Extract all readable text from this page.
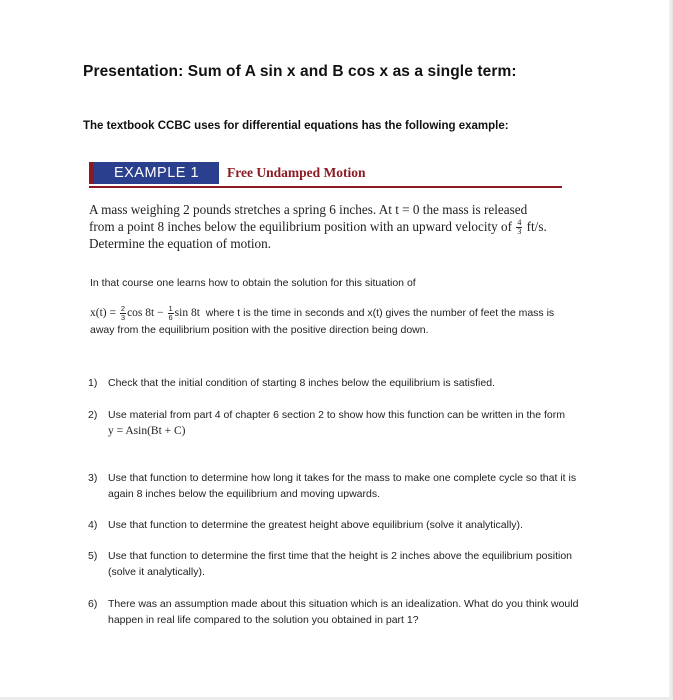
Presentation: Sum of A sin x and B cos x as a single term:
The textbook CCBC uses for differential equations has the following example:
EXAMPLE 1	Free Undamped Motion
A mass weighing 2 pounds stretches a spring 6 inches. At t = 0 the mass is released
from a point 8 inches below the equilibrium position with an upward velocity of $\frac{4}{3} ft/s$.
Determine the equation of motion.
In that course one learns how to obtain the solution for this situation of
$x(t) = \frac{2}{3}$ $\cos 8t - \frac{1}{6}$ sin 8t where t is the time in seconds and x(t) gives the number of feet the mass is
away from the equilibrium position with the positive direction being down.
1) Check that the initial condition of starting 8 inches below the equilibrium is satisfied.
2) Use material from part 4 of chapter 6 section 2 to show how this function can be written in the form
y = Asin(Bt + C)
3) Use that function to determine how long it takes for the mass to make one complete cycle so that it is again 8 inches below the equilibrium and moving upwards.
4) Use that function to determine the greatest height above equilibrium (solve it analytically).
5) Use that function to determine the first time that the height is 2 inches above the equilibrium position (solve it analytically).
6) There was an assumption made about this situation which is an idealization. What do you think would happen in real life compared to the solution you obtained in part 1?
